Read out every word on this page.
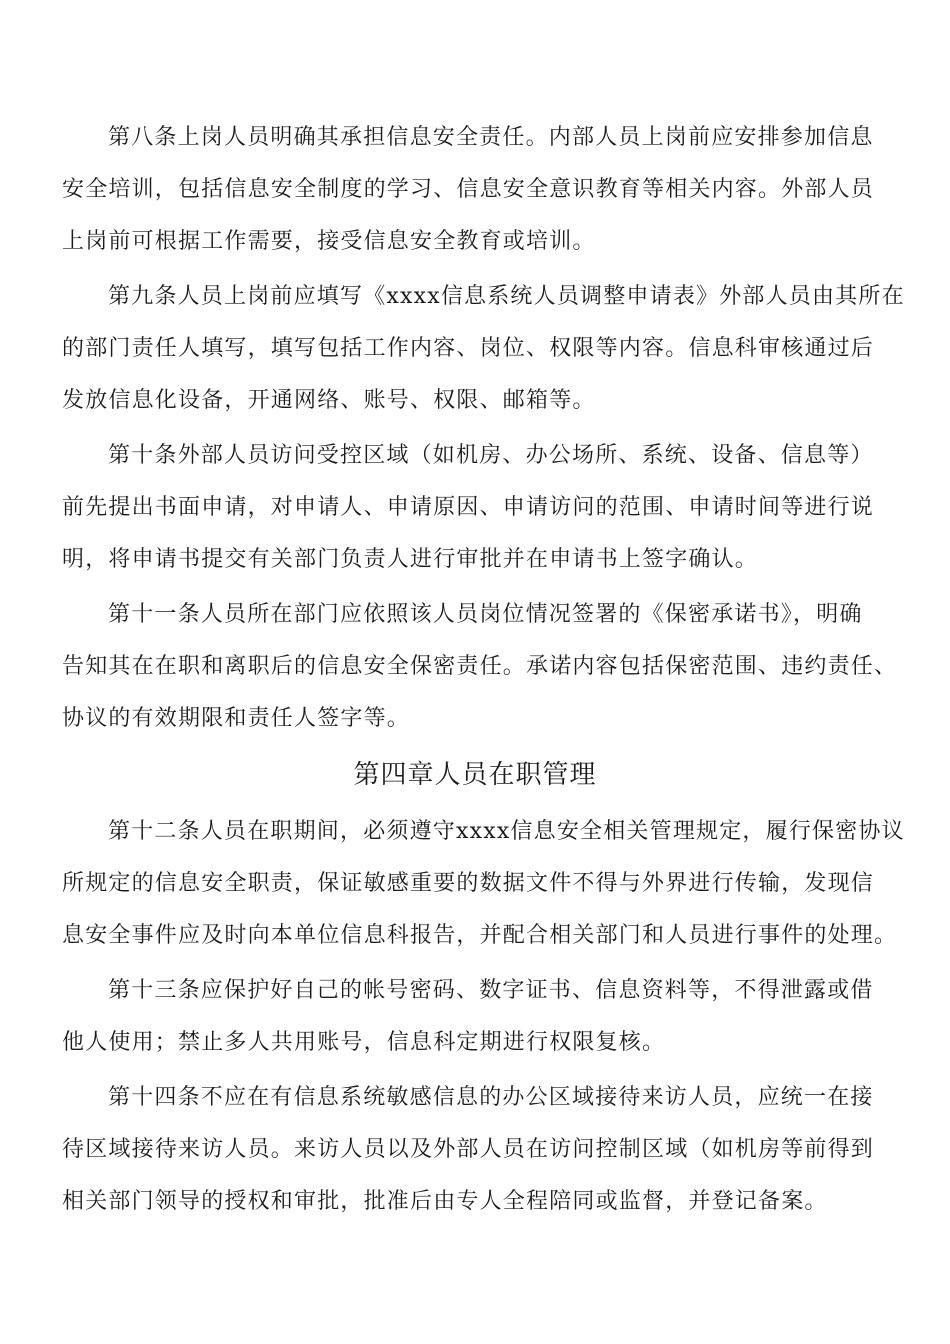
第八条上岗人员明确其承担信息安全责任。内部人员上岗前应安排参加信息
安全培训，包括信息安全制度的学习、信息安全意识教育等相关内容。外部人员
上岗前可根据工作需要，接受信息安全教育或培训。
第九条人员上岗前应填写《xxxx信息系统人员调整申请表》外部人员由其所在
的部门责任人填写，填写包括工作内容、岗位、权限等内容。信息科审核通过后
发放信息化设备，开通网络、账号、权限、邮箱等。
第十条外部人员访问受控区域（如机房、办公场所、系统、设备、信息等）
前先提出书面申请，对申请人、申请原因、申请访问的范围、申请时间等进行说
明，将申请书提交有关部门负责人进行审批并在申请书上签字确认。
第十一条人员所在部门应依照该人员岗位情况签署的《保密承诺书》，明确
告知其在在职和离职后的信息安全保密责任。承诺内容包括保密范围、违约责任、
协议的有效期限和责任人签字等。
第四章人员在职管理
第十二条人员在职期间，必须遵守xxxx信息安全相关管理规定，履行保密协议
所规定的信息安全职责，保证敏感重要的数据文件不得与外界进行传输，发现信
息安全事件应及时向本单位信息科报告，并配合相关部门和人员进行事件的处理。
第十三条应保护好自己的帐号密码、数字证书、信息资料等，不得泄露或借
他人使用；禁止多人共用账号，信息科定期进行权限复核。
第十四条不应在有信息系统敏感信息的办公区域接待来访人员，应统一在接
待区域接待来访人员。来访人员以及外部人员在访问控制区域（如机房等前得到
相关部门领导的授权和审批，批准后由专人全程陪同或监督，并登记备案。
